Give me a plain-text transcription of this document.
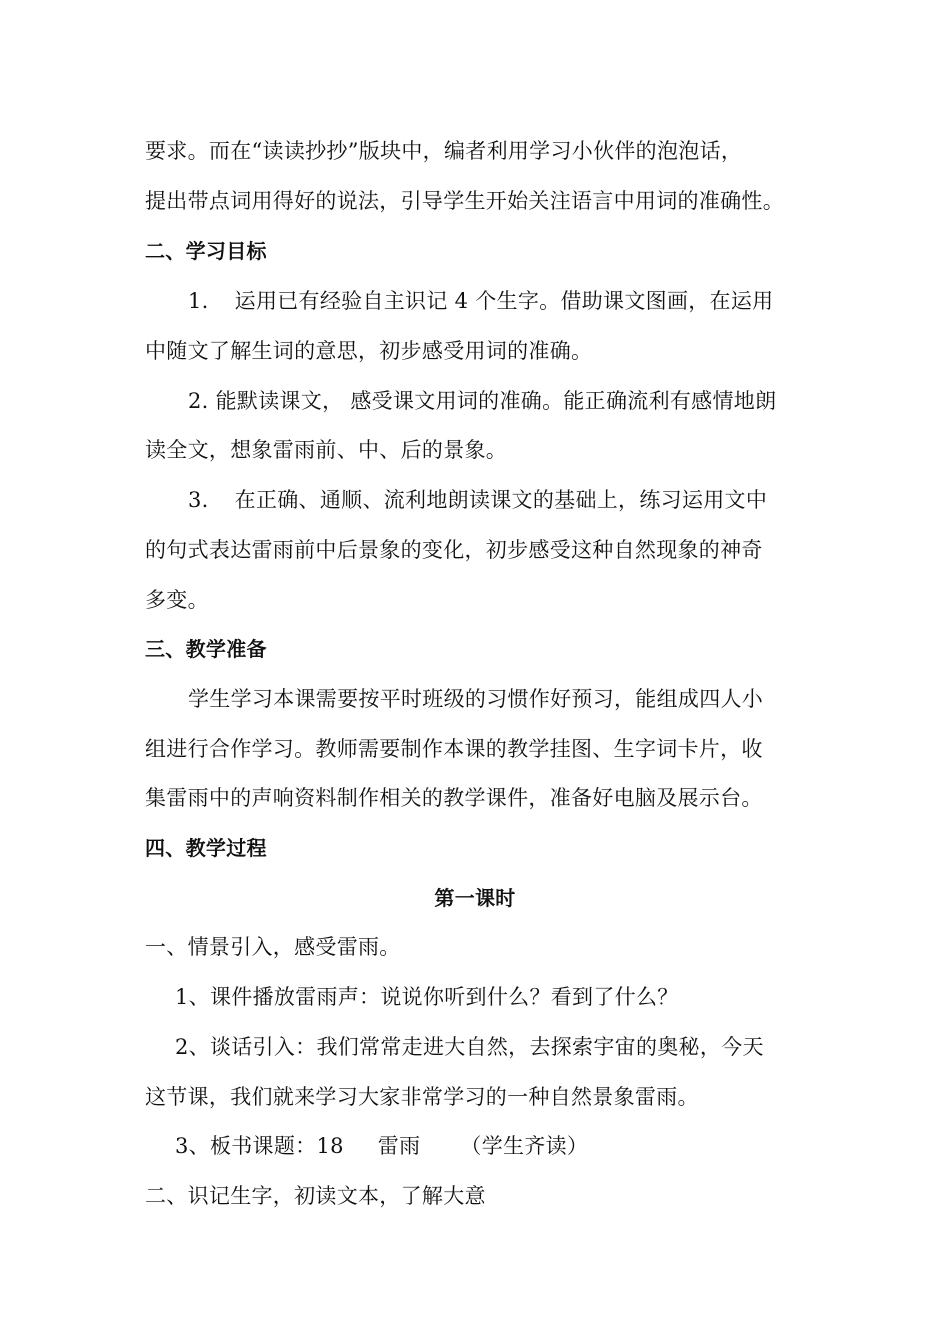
要求。而在“读读抄抄”版块中，编者利用学习小伙伴的泡泡话，
提出带点词用得好的说法，引导学生开始关注语言中用词的准确性。
二、学习目标
1. 运用已有经验自主识记 4 个生字。借助课文图画，在运用
中随文了解生词的意思，初步感受用词的准确。
2. 能默读课文， 感受课文用词的准确。能正确流利有感情地朗
读全文，想象雷雨前、中、后的景象。
3. 在正确、通顺、流利地朗读课文的基础上，练习运用文中
的句式表达雷雨前中后景象的变化，初步感受这种自然现象的神奇
多变。
三、教学准备
学生学习本课需要按平时班级的习惯作好预习，能组成四人小
组进行合作学习。教师需要制作本课的教学挂图、生字词卡片，收
集雷雨中的声响资料制作相关的教学课件，准备好电脑及展示台。
四、教学过程
第一课时
一、情景引入，感受雷雨。
1、课件播放雷雨声：说说你听到什么？看到了什么？
2、谈话引入：我们常常走进大自然，去探索宇宙的奥秘，今天
这节课，我们就来学习大家非常学习的一种自然景象雷雨。
3、板书课题：18 雷雨 （学生齐读）
二、识记生字，初读文本，了解大意
